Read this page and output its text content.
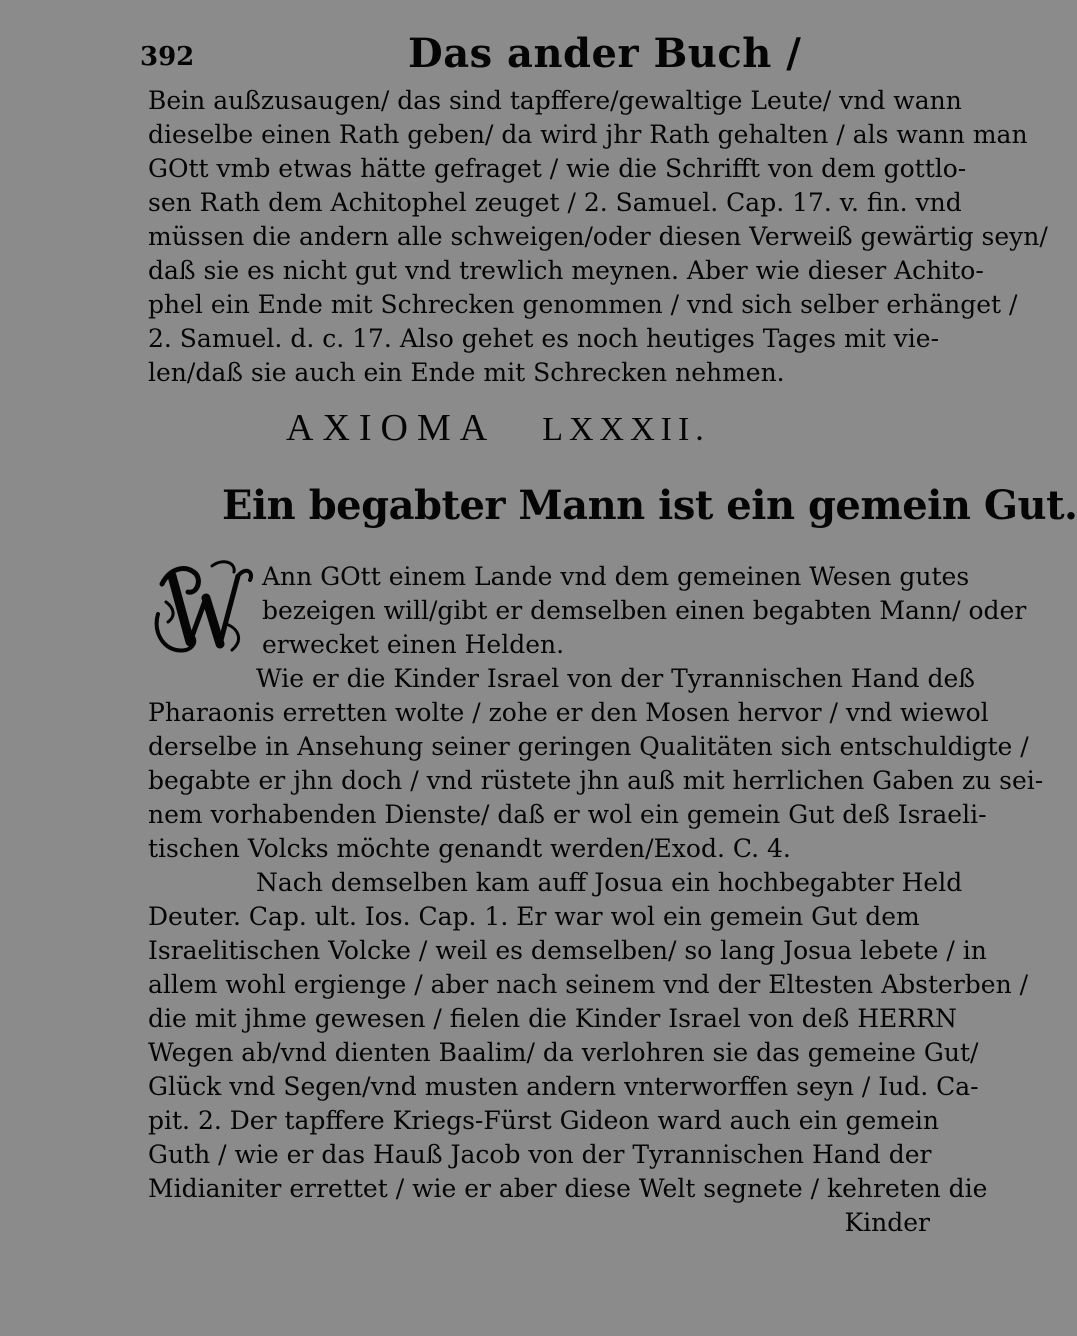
392	Das ander Buch /
Bein außzusaugen/ das sind tapffere/gewaltige Leute/ vnd wann
dieselbe einen Rath geben/ da wird jhr Rath gehalten / als wann man
GOtt vmb etwas hätte gefraget / wie die Schrifft von dem gottlo-
sen Rath dem Achitophel zeuget / 2. Samuel. Cap. 17. v. fin. vnd
müssen die andern alle schweigen/oder diesen Verweiß gewärtig seyn/
daß sie es nicht gut vnd trewlich meynen. Aber wie dieser Achito-
phel ein Ende mit Schrecken genommen / vnd sich selber erhänget /
2. Samuel. d. c. 17. Also gehet es noch heutiges Tages mit vie-
len/daß sie auch ein Ende mit Schrecken nehmen.
AXIOMA LXXXII.
Ein begabter Mann ist ein gemein Gut.
W
Ann GOtt einem Lande vnd dem gemeinen Wesen gutes
bezeigen will/gibt er demselben einen begabten Mann/ oder
erwecket einen Helden.
Wie er die Kinder Israel von der Tyrannischen Hand deß
Pharaonis erretten wolte / zohe er den Mosen hervor / vnd wiewol
derselbe in Ansehung seiner geringen Qualitäten sich entschuldigte /
begabte er jhn doch / vnd rüstete jhn auß mit herrlichen Gaben zu sei-
nem vorhabenden Dienste/ daß er wol ein gemein Gut deß Israeli-
tischen Volcks möchte genandt werden/Exod. C. 4.
Nach demselben kam auff Josua ein hochbegabter Held
Deuter. Cap. ult. Ios. Cap. 1. Er war wol ein gemein Gut dem
Israelitischen Volcke / weil es demselben/ so lang Josua lebete / in
allem wohl ergienge / aber nach seinem vnd der Eltesten Absterben /
die mit jhme gewesen / fielen die Kinder Israel von deß HERRN
Wegen ab/vnd dienten Baalim/ da verlohren sie das gemeine Gut/
Glück vnd Segen/vnd musten andern vnterworffen seyn / Iud. Ca-
pit. 2. Der tapffere Kriegs-Fürst Gideon ward auch ein gemein
Guth / wie er das Hauß Jacob von der Tyrannischen Hand der
Midianiter errettet / wie er aber diese Welt segnete / kehreten die
Kinder
